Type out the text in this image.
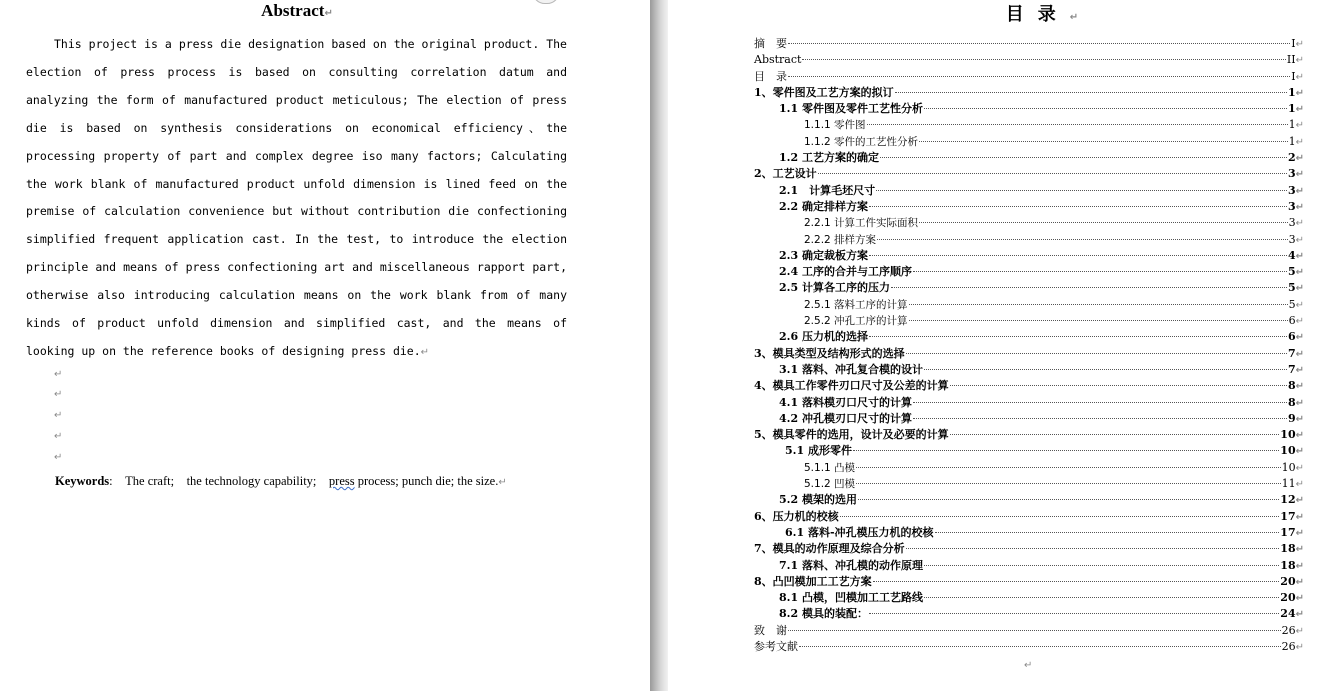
Abstract↵
This project is a press die designation based on the original product. The election of press process is based on consulting correlation datum and analyzing the form of manufactured product meticulous; The election of press die is based on synthesis considerations on economical efficiency、the processing property of part and complex degree iso many factors; Calculating the work blank of manufactured product unfold dimension is lined feed on the premise of calculation convenience but without contribution die confectioning simplified frequent application cast. In the test, to introduce the election principle and means of press confectioning art and miscellaneous rapport part, otherwise also introducing calculation means on the work blank from of many kinds of product unfold dimension and simplified cast, and the means of looking up on the reference books of designing press die.↵
↵
↵
↵
↵
↵
Keywords: The craft;　the technology capability;　press process; punch die; the size.↵
目录↵
摘　要	I ↵
Abstract	II ↵
目　录	I ↵
1、零件图及工艺方案的拟订	1 ↵
1.1 零件图及零件工艺性分析	1 ↵
1.1.1 零件图	1 ↵
1.1.2 零件的工艺性分析	1 ↵
1.2 工艺方案的确定	2 ↵
2、工艺设计	3 ↵
2.1　计算毛坯尺寸	3 ↵
2.2 确定排样方案	3 ↵
2.2.1 计算工件实际面积	3 ↵
2.2.2 排样方案	3 ↵
2.3 确定裁板方案	4 ↵
2.4 工序的合并与工序顺序	5 ↵
2.5 计算各工序的压力	5 ↵
2.5.1 落料工序的计算	5 ↵
2.5.2 冲孔工序的计算	6 ↵
2.6 压力机的选择	6 ↵
3、模具类型及结构形式的选择	7 ↵
3.1 落料、冲孔复合模的设计	7 ↵
4、模具工作零件刃口尺寸及公差的计算	8 ↵
4.1 落料模刃口尺寸的计算	8 ↵
4.2 冲孔模刃口尺寸的计算	9 ↵
5、模具零件的选用，设计及必要的计算	10 ↵
5.1 成形零件	10 ↵
5.1.1 凸模	10 ↵
5.1.2 凹模	11 ↵
5.2 模架的选用	12 ↵
6、压力机的校核	17 ↵
6.1 落料-冲孔模压力机的校核	17 ↵
7、模具的动作原理及综合分析	18 ↵
7.1 落料、冲孔模的动作原理	18 ↵
8、凸凹模加工工艺方案	20 ↵
8.1 凸模，凹模加工工艺路线	20 ↵
8.2 模具的装配：	24 ↵
致　谢	26 ↵
参考文献	26 ↵
↵
